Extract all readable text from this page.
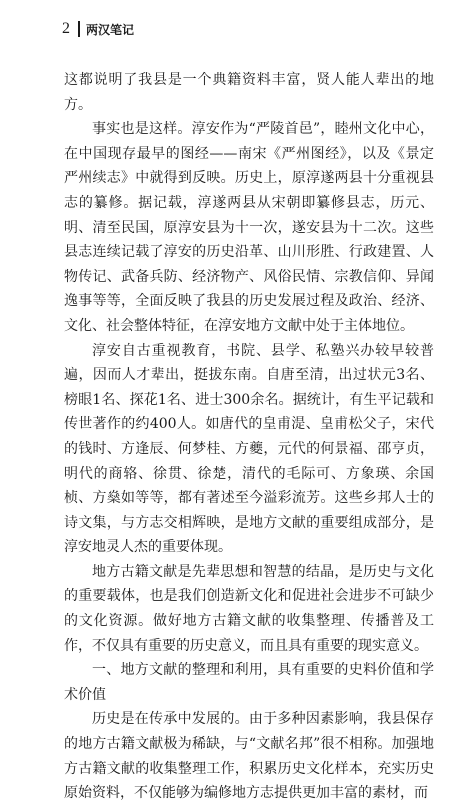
2 两汉笔记

这都说明了我县是一个典籍资料丰富，贤人能人辈出的地方。

事实也是这样。淳安作为“严陵首邑”，睦州文化中心，在中国现存最早的图经——南宋《严州图经》，以及《景定严州续志》中就得到反映。历史上，原淳遂两县十分重视县志的纂修。据记载，淳遂两县从宋朝即纂修县志，历元、明、清至民国，原淳安县为十一次，遂安县为十二次。这些县志连续记载了淳安的历史沿革、山川形胜、行政建置、人物传记、武备兵防、经济物产、风俗民情、宗教信仰、异闻逸事等等，全面反映了我县的历史发展过程及政治、经济、文化、社会整体特征，在淳安地方文献中处于主体地位。

淳安自古重视教育，书院、县学、私塾兴办较早较普遍，因而人才辈出，挺拔东南。自唐至清，出过状元3名、榜眼1名、探花1名、进士300余名。据统计，有生平记载和传世著作的约400人。如唐代的皇甫湜、皇甫松父子，宋代的钱时、方逢辰、何梦桂、方夔，元代的何景福、邵亨贞，明代的商辂、徐贯、徐楚，清代的毛际可、方象瑛、余国桢、方燊如等等，都有著述至今溢彩流芳。这些乡邦人士的诗文集，与方志交相辉映，是地方文献的重要组成部分，是淳安地灵人杰的重要体现。

地方古籍文献是先辈思想和智慧的结晶，是历史与文化的重要载体，也是我们创造新文化和促进社会进步不可缺少的文化资源。做好地方古籍文献的收集整理、传播普及工作，不仅具有重要的历史意义，而且具有重要的现实意义。

一、地方文献的整理和利用，具有重要的史料价值和学术价值

历史是在传承中发展的。由于多种因素影响，我县保存的地方古籍文献极为稀缺，与“文献名邦”很不相称。加强地方古籍文献的收集整理工作，积累历史文化样本，充实历史原始资料，不仅能够为编修地方志提供更加丰富的素材，而
